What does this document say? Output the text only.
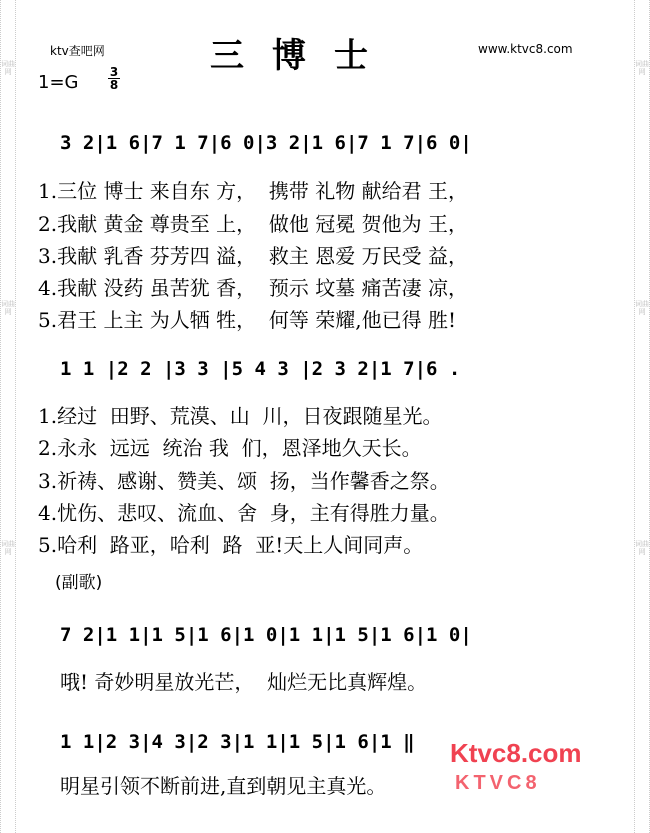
词曲网
词曲网
词曲网
词曲网
词曲网
词曲网
ktv查吧网	www.ktvc8.com
三博士
1=G	3
8
3 2|1 6|7 1 7|6 0|3 2|1 6|7 1 7|6 0|
1.三位 博士 来自东 方，  携带 礼物 献给君 王，
2.我献 黄金 尊贵至 上，  做他 冠冕 贺他为 王，
3.我献 乳香 芬芳四 溢，  救主 恩爱 万民受 益，
4.我献 没药 虽苦犹 香，  预示 坟墓 痛苦凄 凉，
5.君王 上主 为人牺 牲，  何等 荣耀,他已得 胜!
1 1 |2 2 |3 3 |5 4 3 |2 3 2|1 7|6 .
1.经过  田野、荒漠、山  川，日夜跟随星光。
2.永永  远远  统治 我  们，恩泽地久天长。
3.祈祷、感谢、赞美、颂  扬，当作馨香之祭。
4.忧伤、悲叹、流血、舍  身，主有得胜力量。
5.哈利  路亚，哈利  路  亚!天上人间同声。
(副歌)
7 2|1 1|1 5|1 6|1 0|1 1|1 5|1 6|1 0|
哦! 奇妙明星放光芒，  灿烂无比真辉煌。
1 1|2 3|4 3|2 3|1 1|1 5|1 6|1 ‖
明星引领不断前进,直到朝见主真光。
Ktvc8.com
KTVC8
